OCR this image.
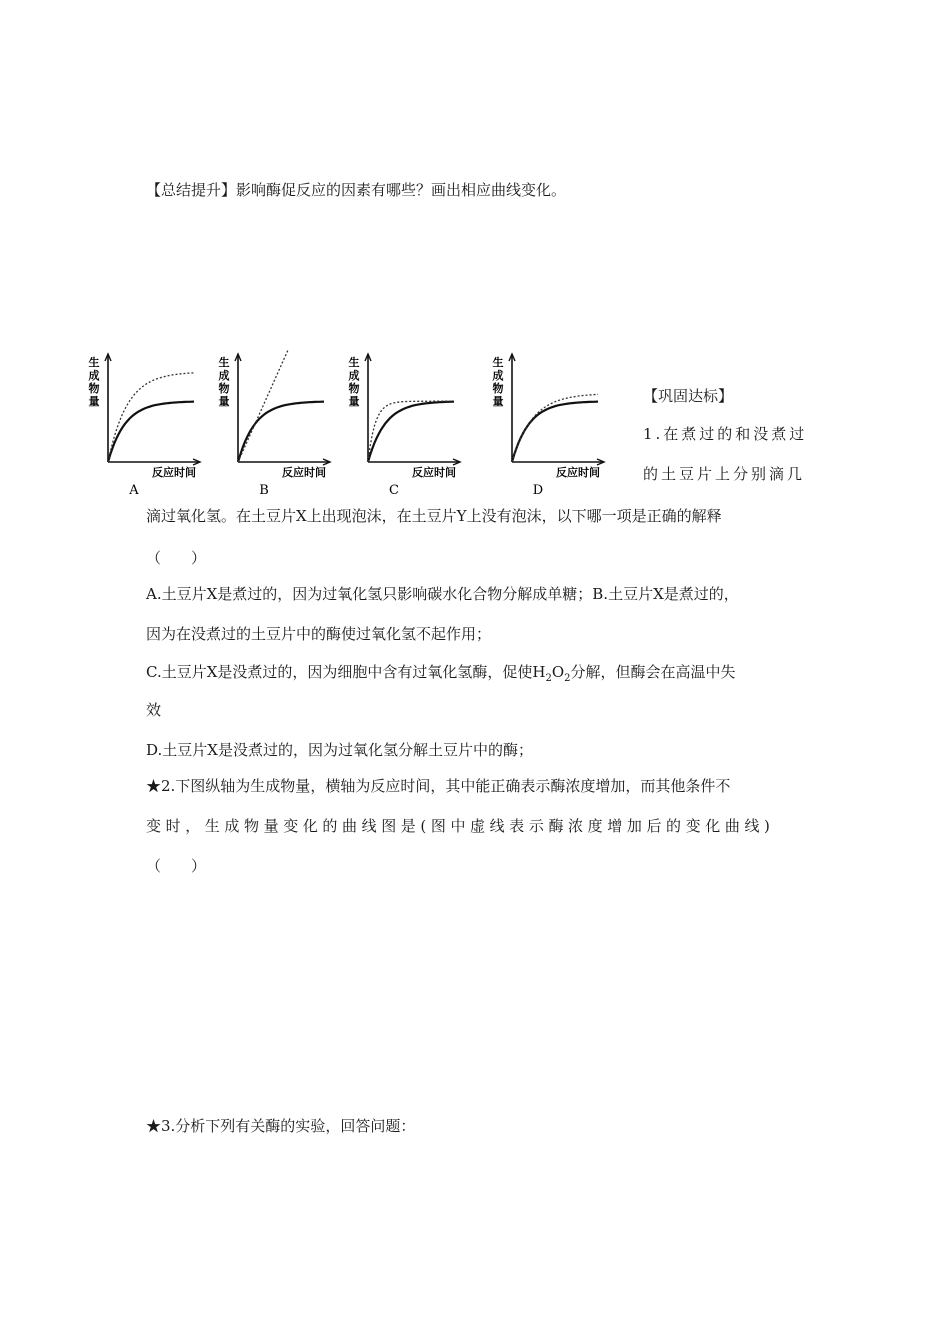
【总结提升】影响酶促反应的因素有哪些？画出相应曲线变化。
生
成
物
量
反应时间
A
生
成
物
量
反应时间
B
生
成
物
量
反应时间
C
生
成
物
量
反应时间
D
【巩固达标】
1.在煮过的和没煮过
的土豆片上分别滴几
滴过氧化氢。在土豆片X上出现泡沫，在土豆片Y上没有泡沫，以下哪一项是正确的解释
（　　）
A.土豆片X是煮过的，因为过氧化氢只影响碳水化合物分解成单糖；B.土豆片X是煮过的，
因为在没煮过的土豆片中的酶使过氧化氢不起作用；
C.土豆片X是没煮过的，因为细胞中含有过氧化氢酶，促使$H_2O_2$分解，但酶会在高温中失
效
D.土豆片X是没煮过的，因为过氧化氢分解土豆片中的酶；
★2.下图纵轴为生成物量，横轴为反应时间，其中能正确表示酶浓度增加，而其他条件不
变时，生成物量变化的曲线图是(图中虚线表示酶浓度增加后的变化曲线)
（　　）
★3.分析下列有关酶的实验，回答问题：
